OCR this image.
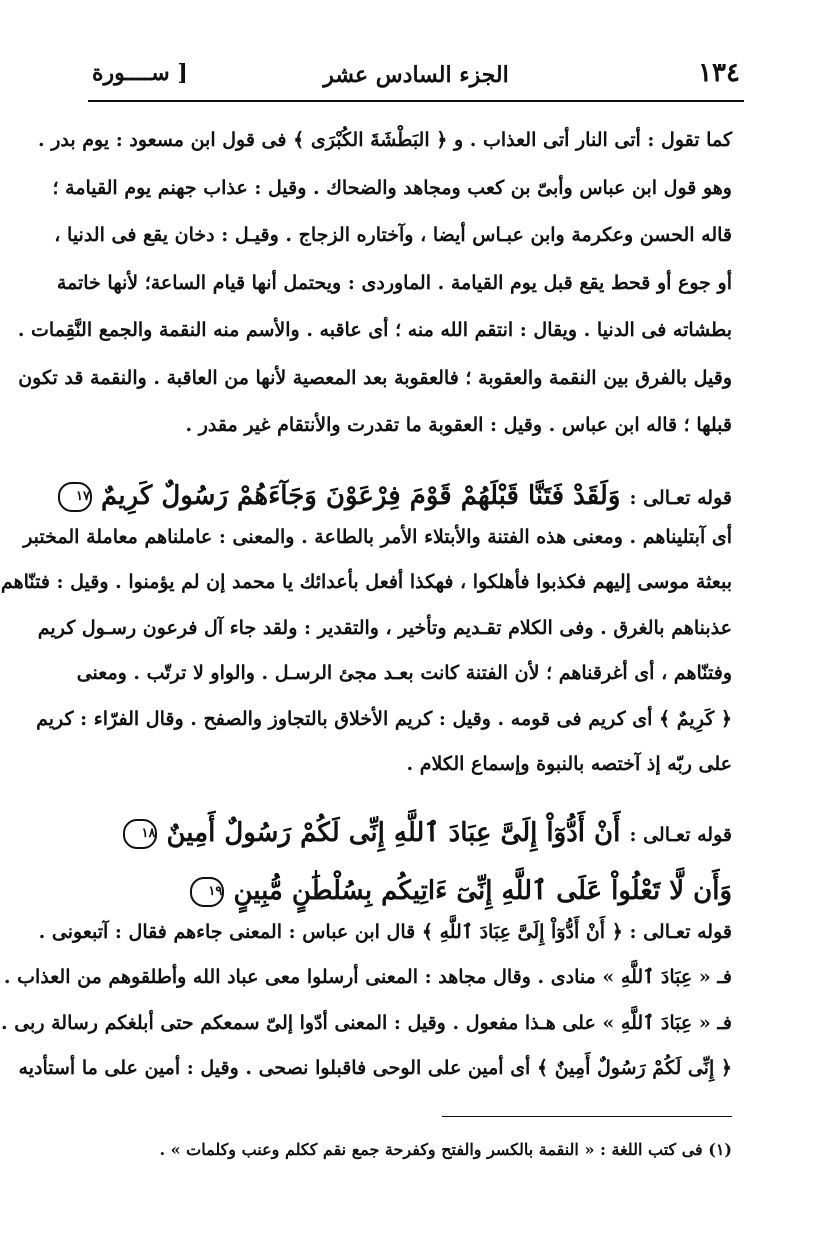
١٣٤
الجزء السادس عشر
[ ســــورة
كما تقول : أتى النار أتى العذاب . و ﴿ البَطْشَةَ الكُبْرَى ﴾ فى قول ابن مسعود : يوم بدر .
وهو قول ابن عباس وأبىّ بن كعب ومجاهد والضحاك . وقيل : عذاب جهنم يوم القيامة ؛
قاله الحسن وعكرمة وابن عبـاس أيضا ، وآختاره الزجاج . وقيـل : دخان يقع فى الدنيا ،
أو جوع أو قحط يقع قبل يوم القيامة . الماوردى : ويحتمل أنها قيام الساعة؛ لأنها خاتمة
بطشاته فى الدنيا . ويقال : انتقم الله منه ؛ أى عاقبه . والأسم منه النقمة والجمع النَّقِمات .
وقيل بالفرق بين النقمة والعقوبة ؛ فالعقوبة بعد المعصية لأنها من العاقبة . والنقمة قد تكون
قبلها ؛ قاله ابن عباس . وقيل : العقوبة ما تقدرت والأنتقام غير مقدر .
قوله تعـالى : وَلَقَدْ فَتَنَّا قَبْلَهُمْ قَوْمَ فِرْعَوْنَ وَجَآءَهُمْ رَسُولٌ كَرِيمٌ ١٧
أى آبتليناهم . ومعنى هذه الفتنة والأبتلاء الأمر بالطاعة . والمعنى : عاملناهم معاملة المختبر
ببعثة موسى إليهم فكذبوا فأهلكوا ، فهكذا أفعل بأعدائك يا محمد إن لم يؤمنوا . وقيل : فتنّاهم
عذبناهم بالغرق . وفى الكلام تقـديم وتأخير ، والتقدير : ولقد جاء آل فرعون رسـول كريم
وفتنّاهم ، أى أغرقناهم ؛ لأن الفتنة كانت بعـد مجئ الرسـل . والواو لا ترتّب . ومعنى
﴿ كَرِيمٌ ﴾ أى كريم فى قومه . وقيل : كريم الأخلاق بالتجاوز والصفح . وقال الفرّاء : كريم
على ربّه إذ آختصه بالنبوة وإسماع الكلام .
قوله تعـالى : أَنْ أَدُّوٓاْ إِلَىَّ عِبَادَ ٱللَّهِ إِنِّى لَكُمْ رَسُولٌ أَمِينٌ ١٨
وَأَن لَّا تَعْلُواْ عَلَى ٱللَّهِ إِنِّىٓ ءَاتِيكُم بِسُلْطَٰنٍ مُّبِينٍ ١٩
قوله تعـالى : ﴿ أَنْ أَدُّوٓاْ إِلَىَّ عِبَادَ ٱللَّهِ ﴾ قال ابن عباس : المعنى جاءهم فقال : آتبعونى .
فـ « عِبَادَ ٱللَّهِ » منادى . وقال مجاهد : المعنى أرسلوا معى عباد الله وأطلقوهم من العذاب .
فـ « عِبَادَ ٱللَّهِ » على هـذا مفعول . وقيل : المعنى أدّوا إلىّ سمعكم حتى أبلغكم رسالة ربى .
﴿ إِنِّى لَكُمْ رَسُولٌ أَمِينٌ ﴾ أى أمين على الوحى فاقبلوا نصحى . وقيل : أمين على ما أستأديه
(١) فى كتب اللغة : « النقمة بالكسر والفتح وكفرحة جمع نقم ككلم وعنب وكلمات » .
